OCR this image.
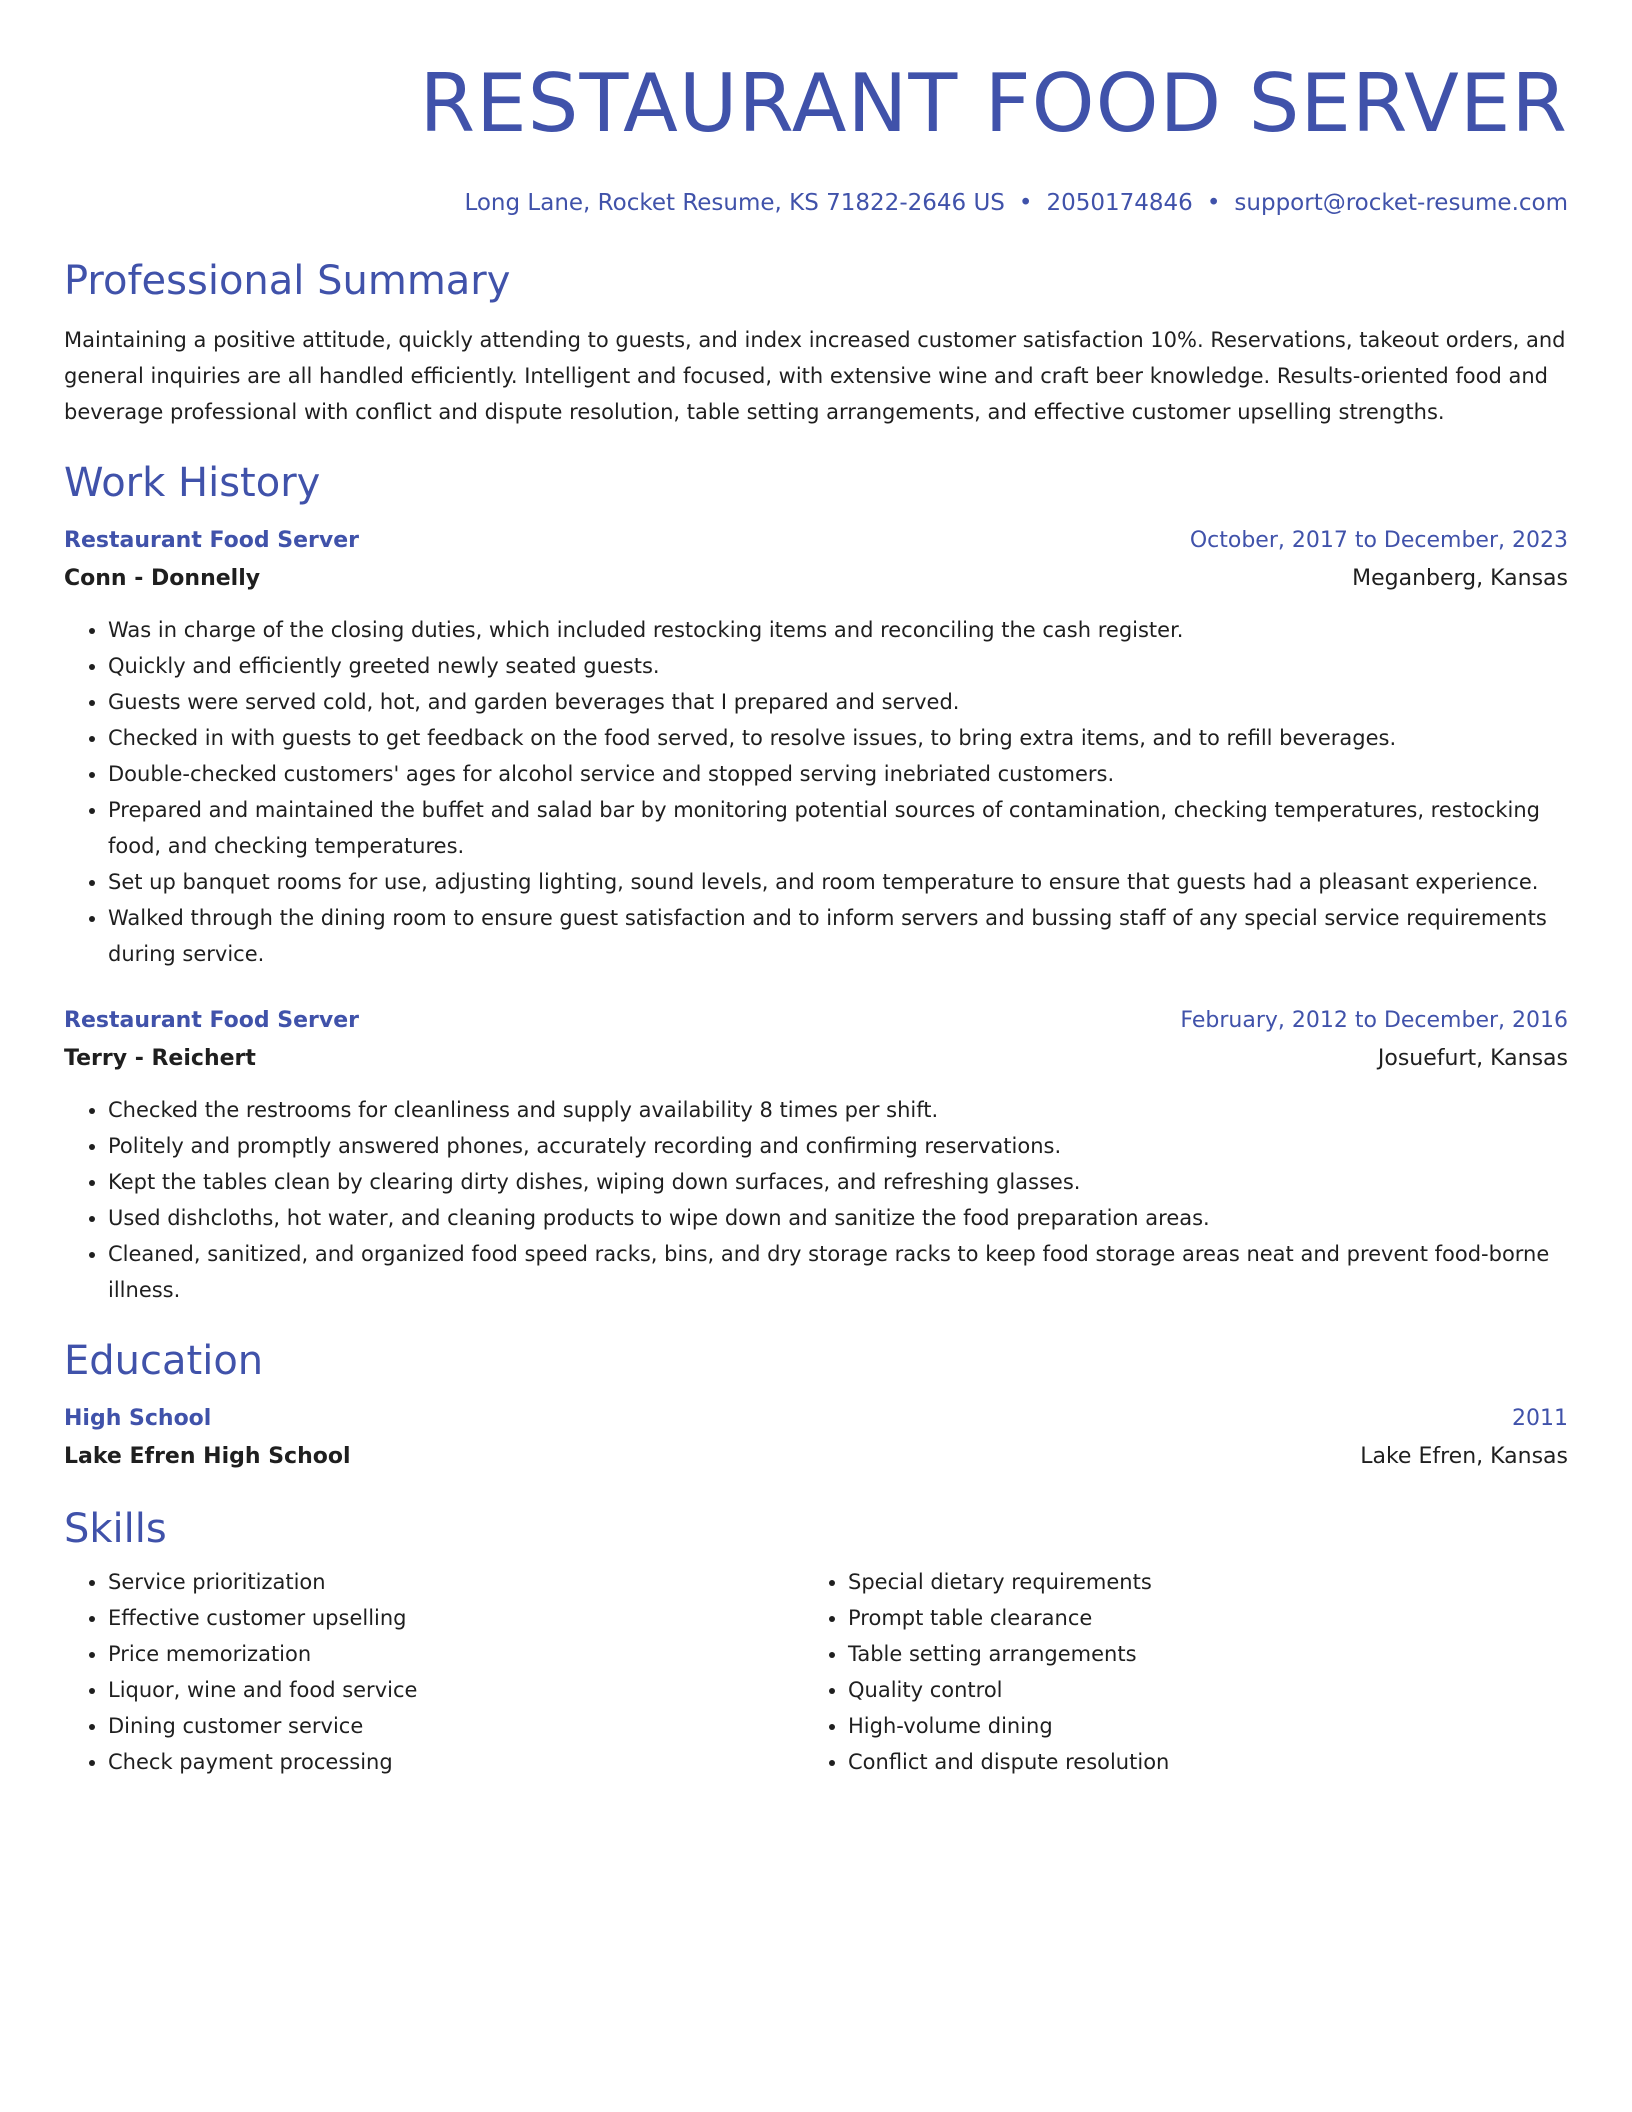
RESTAURANT FOOD SERVER
Long Lane, Rocket Resume, KS 71822-2646 US • 2050174846 • support@rocket-resume.com
Professional Summary
Maintaining a positive attitude, quickly attending to guests, and index increased customer satisfaction 10%. Reservations, takeout orders, and general inquiries are all handled efficiently. Intelligent and focused, with extensive wine and craft beer knowledge. Results-oriented food and beverage professional with conflict and dispute resolution, table setting arrangements, and effective customer upselling strengths.
Work History
Restaurant Food Server	October, 2017 to December, 2023
Conn - Donnelly	Meganberg, Kansas
• Was in charge of the closing duties, which included restocking items and reconciling the cash register.
• Quickly and efficiently greeted newly seated guests.
• Guests were served cold, hot, and garden beverages that I prepared and served.
• Checked in with guests to get feedback on the food served, to resolve issues, to bring extra items, and to refill beverages.
• Double-checked customers' ages for alcohol service and stopped serving inebriated customers.
• Prepared and maintained the buffet and salad bar by monitoring potential sources of contamination, checking temperatures, restocking food, and checking temperatures.
• Set up banquet rooms for use, adjusting lighting, sound levels, and room temperature to ensure that guests had a pleasant experience.
• Walked through the dining room to ensure guest satisfaction and to inform servers and bussing staff of any special service requirements during service.
Restaurant Food Server	February, 2012 to December, 2016
Terry - Reichert	Josuefurt, Kansas
• Checked the restrooms for cleanliness and supply availability 8 times per shift.
• Politely and promptly answered phones, accurately recording and confirming reservations.
• Kept the tables clean by clearing dirty dishes, wiping down surfaces, and refreshing glasses.
• Used dishcloths, hot water, and cleaning products to wipe down and sanitize the food preparation areas.
• Cleaned, sanitized, and organized food speed racks, bins, and dry storage racks to keep food storage areas neat and prevent food-borne illness.
Education
High School	2011
Lake Efren High School	Lake Efren, Kansas
Skills
• Service prioritization
• Effective customer upselling
• Price memorization
• Liquor, wine and food service
• Dining customer service
• Check payment processing
• Special dietary requirements
• Prompt table clearance
• Table setting arrangements
• Quality control
• High-volume dining
• Conflict and dispute resolution
